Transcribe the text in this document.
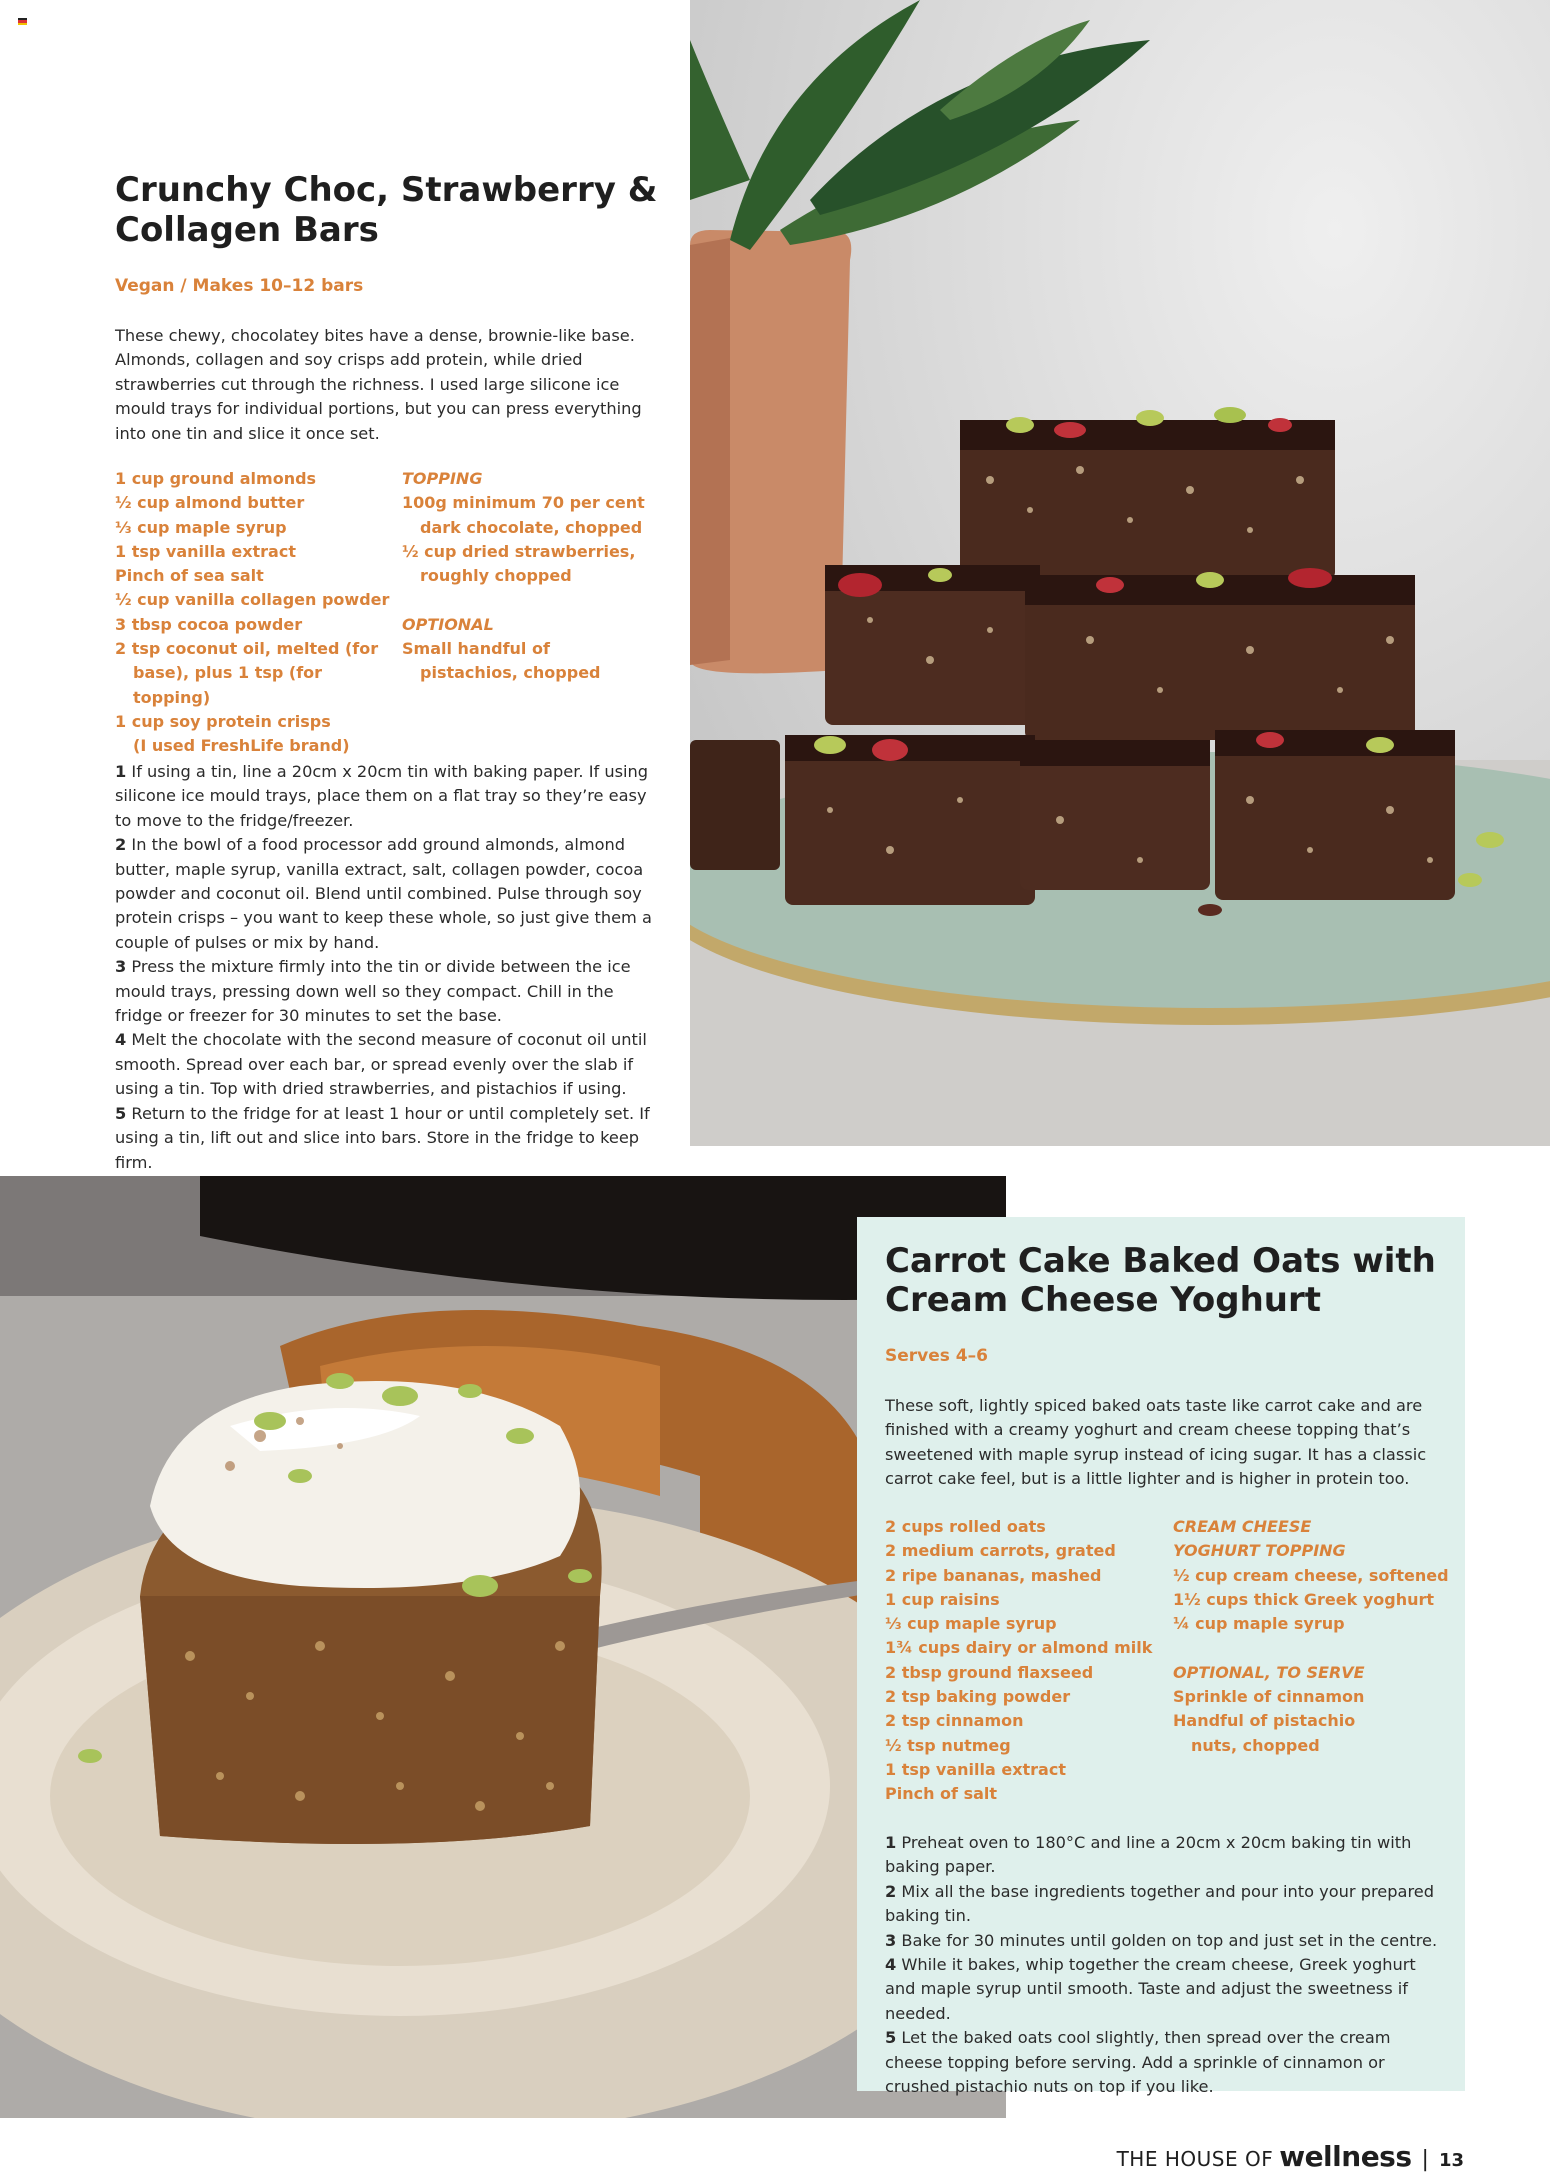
Crunchy Choc, Strawberry & Collagen Bars
Vegan / Makes 10–12 bars
These chewy, chocolatey bites have a dense, brownie-like base. Almonds, collagen and soy crisps add protein, while dried strawberries cut through the richness. I used large silicone ice mould trays for individual portions, but you can press everything into one tin and slice it once set.
1 cup ground almonds
½ cup almond butter
⅓ cup maple syrup
1 tsp vanilla extract
Pinch of sea salt
½ cup vanilla collagen powder
3 tbsp cocoa powder
2 tsp coconut oil, melted (for
base), plus 1 tsp (for topping)
1 cup soy protein crisps
(I used FreshLife brand)
TOPPING
100g minimum 70 per cent
dark chocolate, chopped
½ cup dried strawberries,
roughly chopped
OPTIONAL
Small handful of
pistachios, chopped

1 If using a tin, line a 20cm x 20cm tin with baking paper. If using silicone ice mould trays, place them on a flat tray so they’re easy to move to the fridge/freezer.

2 In the bowl of a food processor add ground almonds, almond butter, maple syrup, vanilla extract, salt, collagen powder, cocoa powder and coconut oil. Blend until combined. Pulse through soy protein crisps – you want to keep these whole, so just give them a couple of pulses or mix by hand.

3 Press the mixture firmly into the tin or divide between the ice mould trays, pressing down well so they compact. Chill in the fridge or freezer for 30 minutes to set the base.

4 Melt the chocolate with the second measure of coconut oil until smooth. Spread over each bar, or spread evenly over the slab if using a tin. Top with dried strawberries, and pistachios if using.

5 Return to the fridge for at least 1 hour or until completely set. If using a tin, lift out and slice into bars. Store in the fridge to keep firm.

Carrot Cake Baked Oats with Cream Cheese Yoghurt
Serves 4–6
These soft, lightly spiced baked oats taste like carrot cake and are finished with a creamy yoghurt and cream cheese topping that’s sweetened with maple syrup instead of icing sugar. It has a classic carrot cake feel, but is a little lighter and is higher in protein too.
2 cups rolled oats
2 medium carrots, grated
2 ripe bananas, mashed
1 cup raisins
⅓ cup maple syrup
1¾ cups dairy or almond milk
2 tbsp ground flaxseed
2 tsp baking powder
2 tsp cinnamon
½ tsp nutmeg
1 tsp vanilla extract
Pinch of salt
CREAM CHEESE
YOGHURT TOPPING
½ cup cream cheese, softened
1½ cups thick Greek yoghurt
¼ cup maple syrup
OPTIONAL, TO SERVE
Sprinkle of cinnamon
Handful of pistachio
nuts, chopped

1 Preheat oven to 180°C and line a 20cm x 20cm baking tin with baking paper.

2 Mix all the base ingredients together and pour into your prepared baking tin.

3 Bake for 30 minutes until golden on top and just set in the centre.

4 While it bakes, whip together the cream cheese, Greek yoghurt and maple syrup until smooth. Taste and adjust the sweetness if needed.

5 Let the baked oats cool slightly, then spread over the cream cheese topping before serving. Add a sprinkle of cinnamon or crushed pistachio nuts on top if you like.

THE HOUSE OF wellness | 13
